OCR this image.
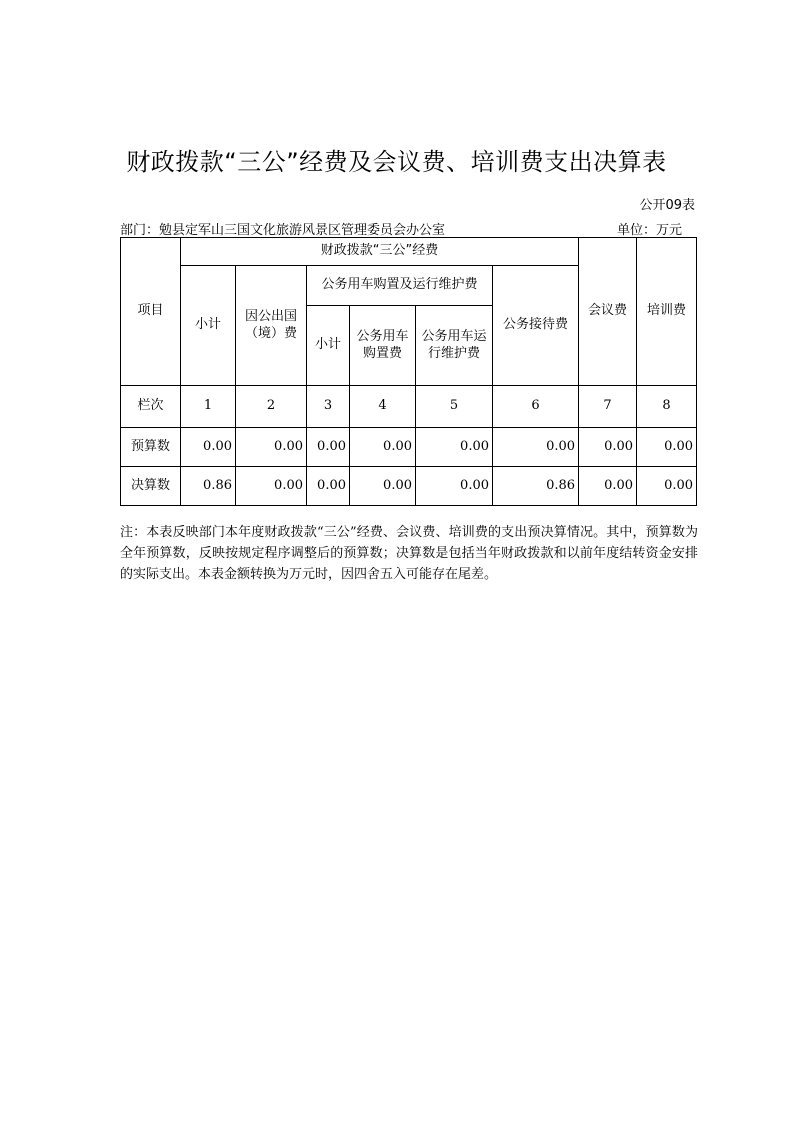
财政拨款“三公”经费及会议费、培训费支出决算表
公开09表
部门：勉县定军山三国文化旅游风景区管理委员会办公室	单位：万元
项目	财政拨款“三公”经费						会议费	培训费
	小计	因公出国（境）费	公务用车购置及运行维护费			公务接待费		
			小计	公务用车购置费	公务用车运行维护费			
栏次	1	2	3	4	5	6	7	8
预算数	0.00	0.00	0.00	0.00	0.00	0.00	0.00	0.00
决算数	0.86	0.00	0.00	0.00	0.00	0.86	0.00	0.00
注：本表反映部门本年度财政拨款“三公”经费、会议费、培训费的支出预决算情况。其中，预算数为全年预算数，反映按规定程序调整后的预算数；决算数是包括当年财政拨款和以前年度结转资金安排的实际支出。本表金额转换为万元时，因四舍五入可能存在尾差。
